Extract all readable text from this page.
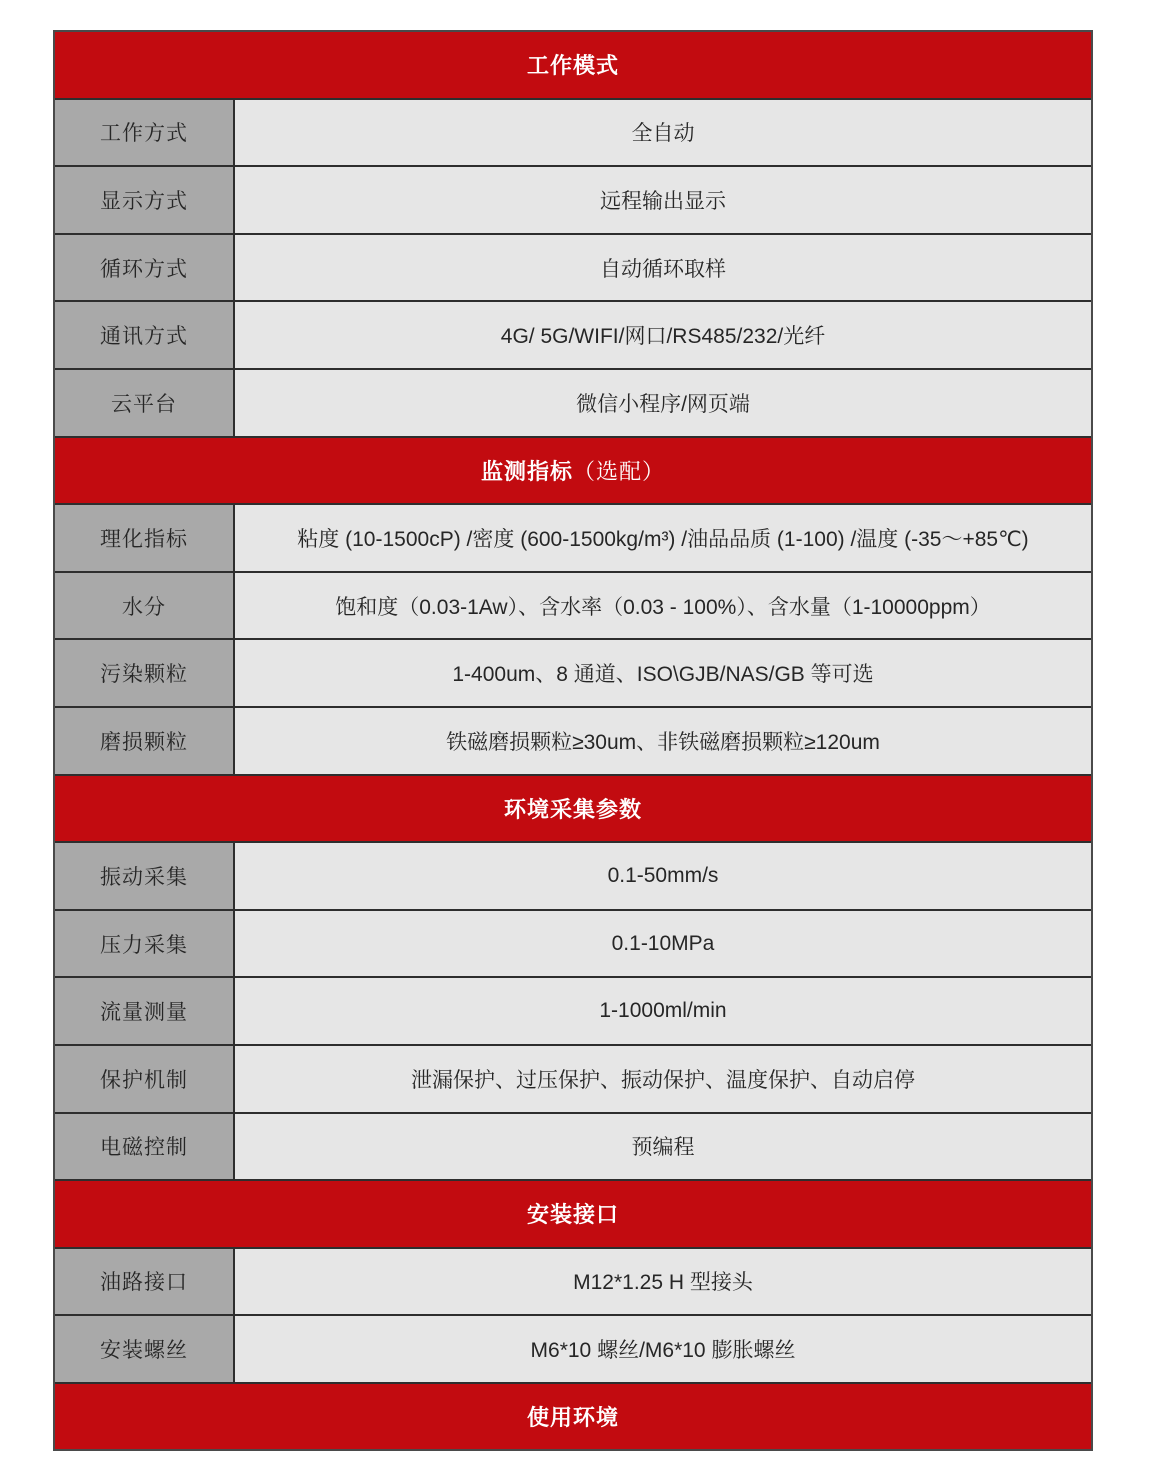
工作模式
工作方式	全自动
显示方式	远程输出显示
循环方式	自动循环取样
通讯方式	4G/ 5G/WIFI/网口/RS485/232/光纤
云平台	微信小程序/网页端
监测指标 （选配）
理化指标	粘度 (10-1500cP) /密度 (600-1500kg/m³) /油品品质 (1-100) /温度 (-35～+85℃)
水分	饱和度（0.03-1Aw）、含水率（0.03 - 100%）、含水量（1-10000ppm）
污染颗粒	1-400um、8 通道、ISO\GJB/NAS/GB 等可选
磨损颗粒	铁磁磨损颗粒≥30um、非铁磁磨损颗粒≥120um
环境采集参数
振动采集	0.1-50mm/s
压力采集	0.1-10MPa
流量测量	1-1000ml/min
保护机制	泄漏保护、过压保护、振动保护、温度保护、自动启停
电磁控制	预编程
安装接口
油路接口	M12*1.25 H 型接头
安装螺丝	M6*10 螺丝/M6*10 膨胀螺丝
使用环境
